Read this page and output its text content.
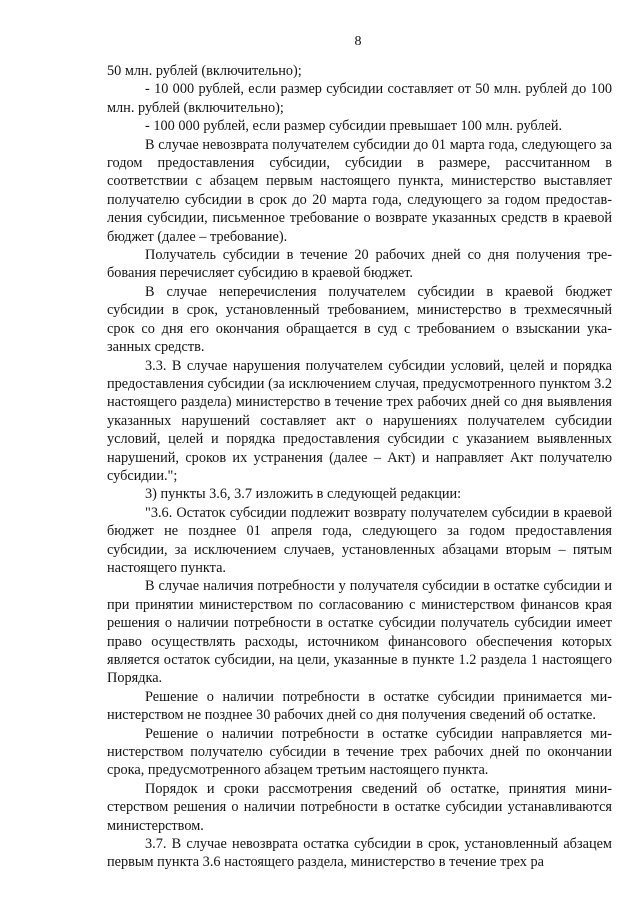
8

50 млн. рублей (включительно);

- 10 000 рублей, если размер субсидии составляет от 50 млн. рублей до 100 млн. рублей (включительно);

- 100 000 рублей, если размер субсидии превышает 100 млн. рублей.

В случае невозврата получателем субсидии до 01 марта года, следующего за годом предоставления субсидии, субсидии в размере, рассчитанном в соответствии с абзацем первым настоящего пункта, министерство выставляет получателю субсидии в срок до 20 марта года, следующего за годом предоставления субсидии, письменное требование о возврате указанных средств в краевой бюджет (далее – требование).

Получатель субсидии в течение 20 рабочих дней со дня получения требования перечисляет субсидию в краевой бюджет.

В случае неперечисления получателем субсидии в краевой бюджет субсидии в срок, установленный требованием, министерство в трехмесячный срок со дня его окончания обращается в суд с требованием о взыскании указанных средств.

3.3. В случае нарушения получателем субсидии условий, целей и порядка предоставления субсидии (за исключением случая, предусмотренного пунктом 3.2 настоящего раздела) министерство в течение трех рабочих дней со дня выявления указанных нарушений составляет акт о нарушениях получателем субсидии условий, целей и порядка предоставления субсидии с указанием выявленных нарушений, сроков их устранения (далее – Акт) и направляет Акт получателю субсидии.";

3) пункты 3.6, 3.7 изложить в следующей редакции:

"3.6. Остаток субсидии подлежит возврату получателем субсидии в краевой бюджет не позднее 01 апреля года, следующего за годом предоставления субсидии, за исключением случаев, установленных абзацами вторым – пятым настоящего пункта.

В случае наличия потребности у получателя субсидии в остатке субсидии и при принятии министерством по согласованию с министерством финансов края решения о наличии потребности в остатке субсидии получатель субсидии имеет право осуществлять расходы, источником финансового обеспечения которых является остаток субсидии, на цели, указанные в пункте 1.2 раздела 1 настоящего Порядка.

Решение о наличии потребности в остатке субсидии принимается министерством не позднее 30 рабочих дней со дня получения сведений об остатке.

Решение о наличии потребности в остатке субсидии направляется министерством получателю субсидии в течение трех рабочих дней по окончании срока, предусмотренного абзацем третьим настоящего пункта.

Порядок и сроки рассмотрения сведений об остатке, принятия министерством решения о наличии потребности в остатке субсидии устанавливаются министерством.

3.7. В случае невозврата остатка субсидии в срок, установленный абзацем первым пункта 3.6 настоящего раздела, министерство в течение трех ра
